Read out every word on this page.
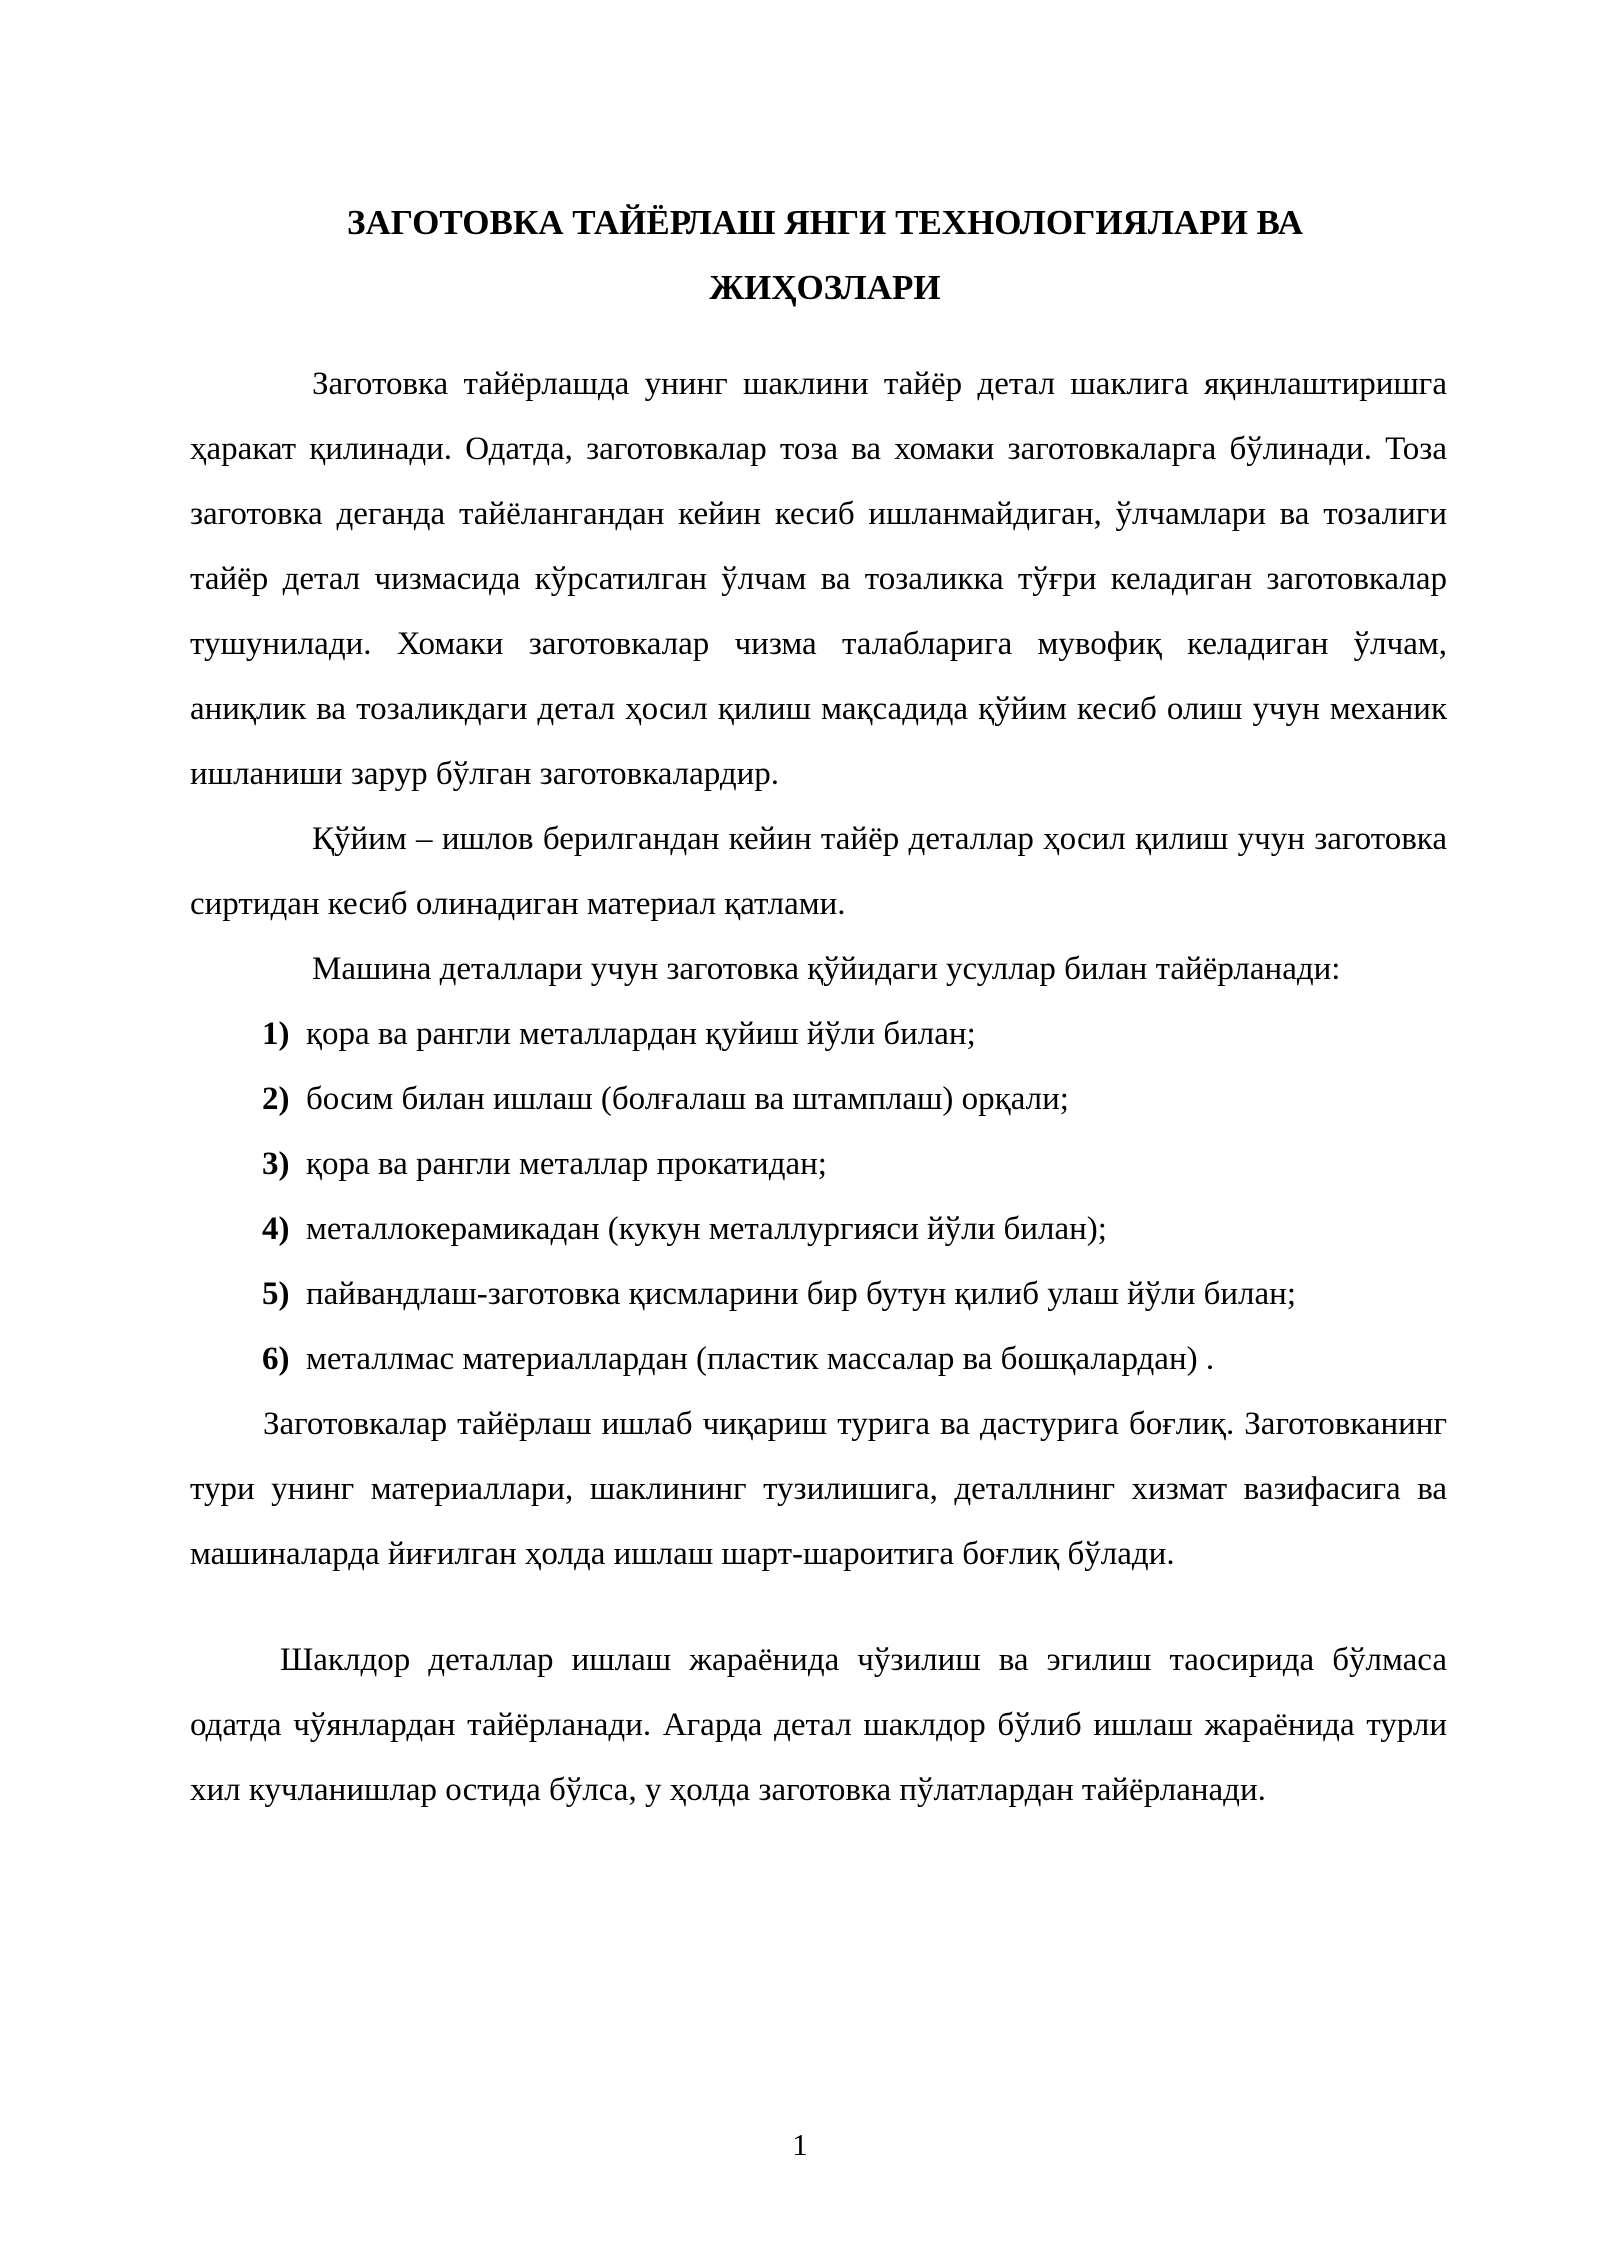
ЗАГОТОВКА ТАЙЁРЛАШ ЯНГИ ТЕХНОЛОГИЯЛАРИ ВА
ЖИҲОЗЛАРИ

Заготовка тайёрлашда унинг шаклини тайёр детал шаклига яқинлаштиришга ҳаракат қилинади. Одатда, заготовкалар тоза ва хомаки заготовкаларга бўлинади. Тоза заготовка деганда тайёлангандан кейин кесиб ишланмайдиган, ўлчамлари ва тозалиги тайёр детал чизмасида кўрсатилган ўлчам ва тозаликка тўғри келадиган заготовкалар тушунилади. Хомаки заготовкалар чизма талабларига мувофиқ келадиган ўлчам, аниқлик ва тозаликдаги детал ҳосил қилиш мақсадида қўйим кесиб олиш учун механик ишланиши зарур бўлган заготовкалардир.

Қўйим – ишлов берилгандан кейин тайёр деталлар ҳосил қилиш учун заготовка сиртидан кесиб олинадиган материал қатлами.

Машина деталлари учун заготовка қўйидаги усуллар билан тайёрланади:

1) қора ва рангли металлардан қуйиш йўли билан;
2) босим билан ишлаш (болғалаш ва штамплаш) орқали;
3) қора ва рангли металлар прокатидан;
4) металлокерамикадан (кукун металлургияси йўли билан);
5) пайвандлаш-заготовка қисмларини бир бутун қилиб улаш йўли билан;
6) металлмас материаллардан (пластик массалар ва бошқалардан) .

Заготовкалар тайёрлаш ишлаб чиқариш турига ва дастурига боғлиқ. Заготовканинг тури унинг материаллари, шаклининг тузилишига, деталлнинг хизмат вазифасига ва машиналарда йиғилган ҳолда ишлаш шарт-шароитига боғлиқ бўлади.

Шаклдор деталлар ишлаш жараёнида чўзилиш ва эгилиш таосирида бўлмаса одатда чўянлардан тайёрланади. Агарда детал шаклдор бўлиб ишлаш жараёнида турли хил кучланишлар остида бўлса, у ҳолда заготовка пўлатлардан тайёрланади.

1
